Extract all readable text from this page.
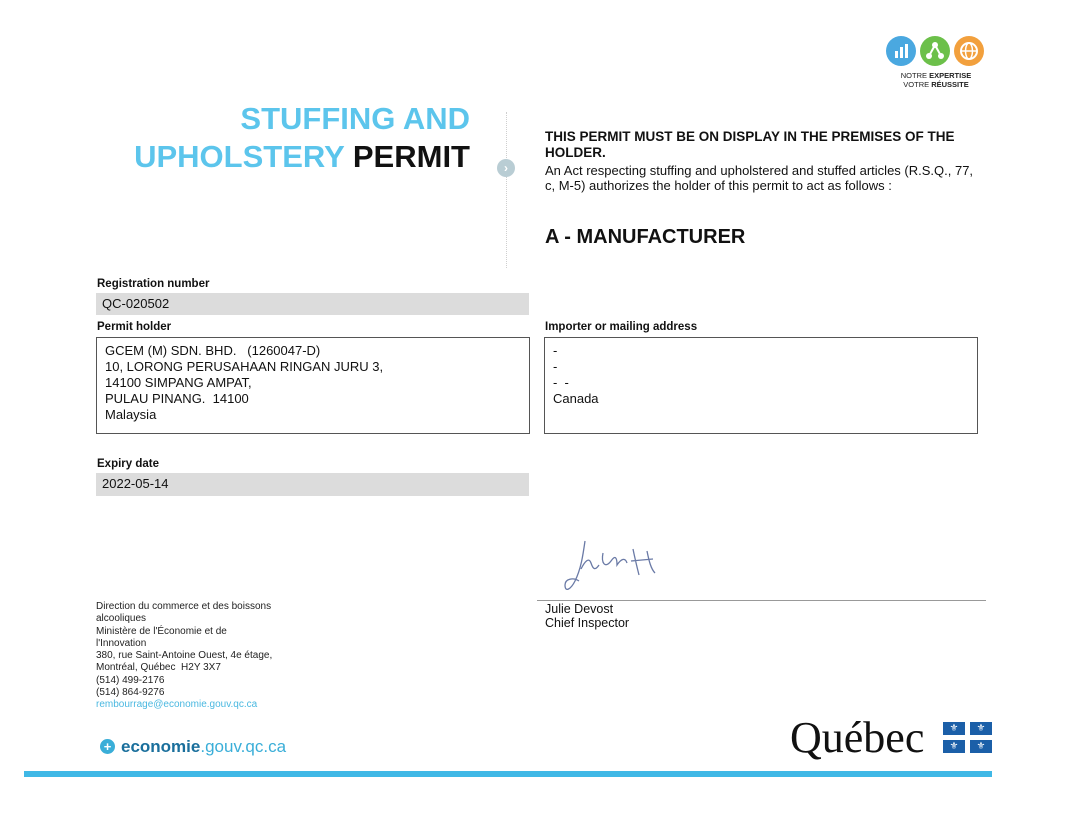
NOTRE EXPERTISE
VOTRE RÉUSSITE
STUFFING AND
UPHOLSTERY PERMIT	›
THIS PERMIT MUST BE ON DISPLAY IN THE PREMISES OF THE HOLDER.
An Act respecting stuffing and upholstered and stuffed articles (R.S.Q., 77, c, M-5) authorizes the holder of this permit to act as follows :
A - MANUFACTURER
Registration number
QC-020502
Permit holder
GCEM (M) SDN. BHD.   (1260047-D)
10, LORONG PERUSAHAAN RINGAN JURU 3,
14100 SIMPANG AMPAT,
PULAU PINANG.  14100
Malaysia
Importer or mailing address
-
-
-  -
Canada
Expiry date
2022-05-14
Julie Devost
Chief Inspector
Direction du commerce et des boissons
alcooliques
Ministère de l'Économie et de
l'Innovation
380, rue Saint-Antoine Ouest, 4e étage,
Montréal, Québec  H2Y 3X7
(514) 499-2176
(514) 864-9276
rembourrage@economie.gouv.qc.ca
+ economie.gouv.qc.ca	Québec	⚜	⚜
⚜	⚜
